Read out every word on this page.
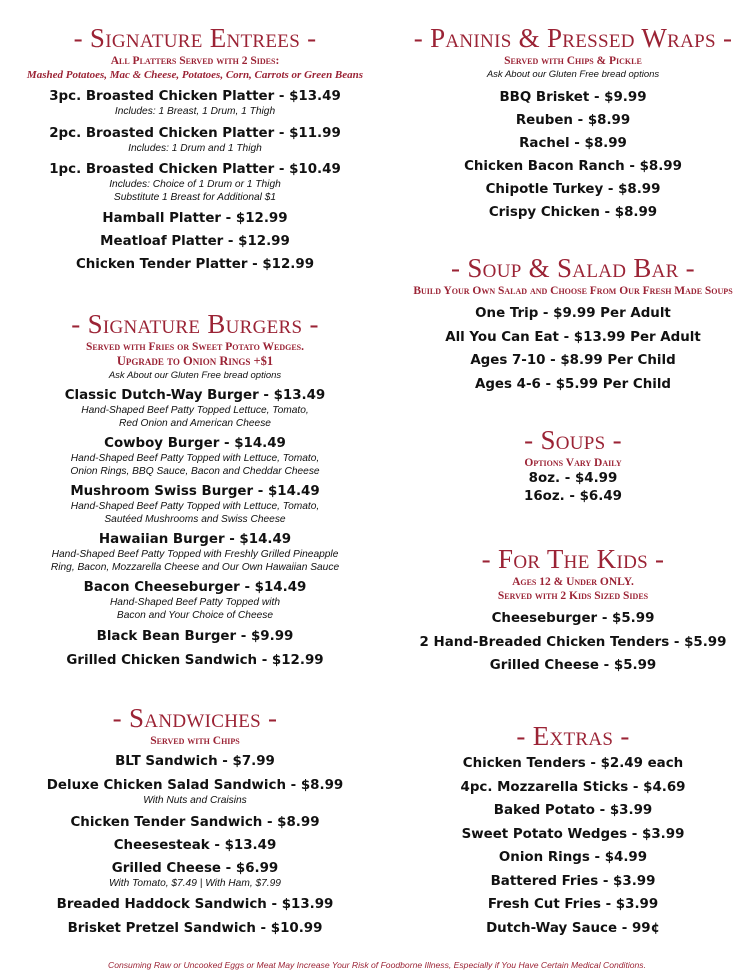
- Signature Entrees -
All Platters Served with 2 Sides:
Mashed Potatoes, Mac & Cheese, Potatoes, Corn, Carrots or Green Beans
3pc. Broasted Chicken Platter - $13.49
Includes: 1 Breast, 1 Drum, 1 Thigh
2pc. Broasted Chicken Platter - $11.99
Includes: 1 Drum and 1 Thigh
1pc. Broasted Chicken Platter - $10.49
Includes: Choice of 1 Drum or 1 Thigh
Substitute 1 Breast for Additional $1
Hamball Platter - $12.99
Meatloaf Platter - $12.99
Chicken Tender Platter - $12.99
- Signature Burgers -
Served with Fries or Sweet Potato Wedges.
Upgrade to Onion Rings +$1
Ask About our Gluten Free bread options
Classic Dutch-Way Burger - $13.49
Hand-Shaped Beef Patty Topped Lettuce, Tomato,
Red Onion and American Cheese
Cowboy Burger - $14.49
Hand-Shaped Beef Patty Topped with Lettuce, Tomato,
Onion Rings, BBQ Sauce, Bacon and Cheddar Cheese
Mushroom Swiss Burger - $14.49
Hand-Shaped Beef Patty Topped with Lettuce, Tomato,
Sautéed Mushrooms and Swiss Cheese
Hawaiian Burger - $14.49
Hand-Shaped Beef Patty Topped with Freshly Grilled Pineapple
Ring, Bacon, Mozzarella Cheese and Our Own Hawaiian Sauce
Bacon Cheeseburger - $14.49
Hand-Shaped Beef Patty Topped with
Bacon and Your Choice of Cheese
Black Bean Burger - $9.99
Grilled Chicken Sandwich - $12.99
- Sandwiches -
Served with Chips
BLT Sandwich - $7.99
Deluxe Chicken Salad Sandwich - $8.99
With Nuts and Craisins
Chicken Tender Sandwich - $8.99
Cheesesteak - $13.49
Grilled Cheese - $6.99
With Tomato, $7.49 | With Ham, $7.99
Breaded Haddock Sandwich - $13.99
Brisket Pretzel Sandwich - $10.99
- Paninis & Pressed Wraps -
Served with Chips & Pickle
Ask About our Gluten Free bread options
BBQ Brisket - $9.99
Reuben - $8.99
Rachel - $8.99
Chicken Bacon Ranch - $8.99
Chipotle Turkey - $8.99
Crispy Chicken - $8.99
- Soup & Salad Bar -
Build Your Own Salad and Choose From Our Fresh Made Soups
One Trip - $9.99 Per Adult
All You Can Eat - $13.99 Per Adult
Ages 7-10 - $8.99 Per Child
Ages 4-6 - $5.99 Per Child
- Soups -
Options Vary Daily
8oz. - $4.99
16oz. - $6.49
- For The Kids -
Ages 12 & Under ONLY.
Served with 2 Kids Sized Sides
Cheeseburger - $5.99
2 Hand-Breaded Chicken Tenders - $5.99
Grilled Cheese - $5.99
- Extras -
Chicken Tenders - $2.49 each
4pc. Mozzarella Sticks - $4.69
Baked Potato - $3.99
Sweet Potato Wedges - $3.99
Onion Rings - $4.99
Battered Fries - $3.99
Fresh Cut Fries - $3.99
Dutch-Way Sauce - 99¢
Consuming Raw or Uncooked Eggs or Meat May Increase Your Risk of Foodborne Illness, Especially if You Have Certain Medical Conditions.
